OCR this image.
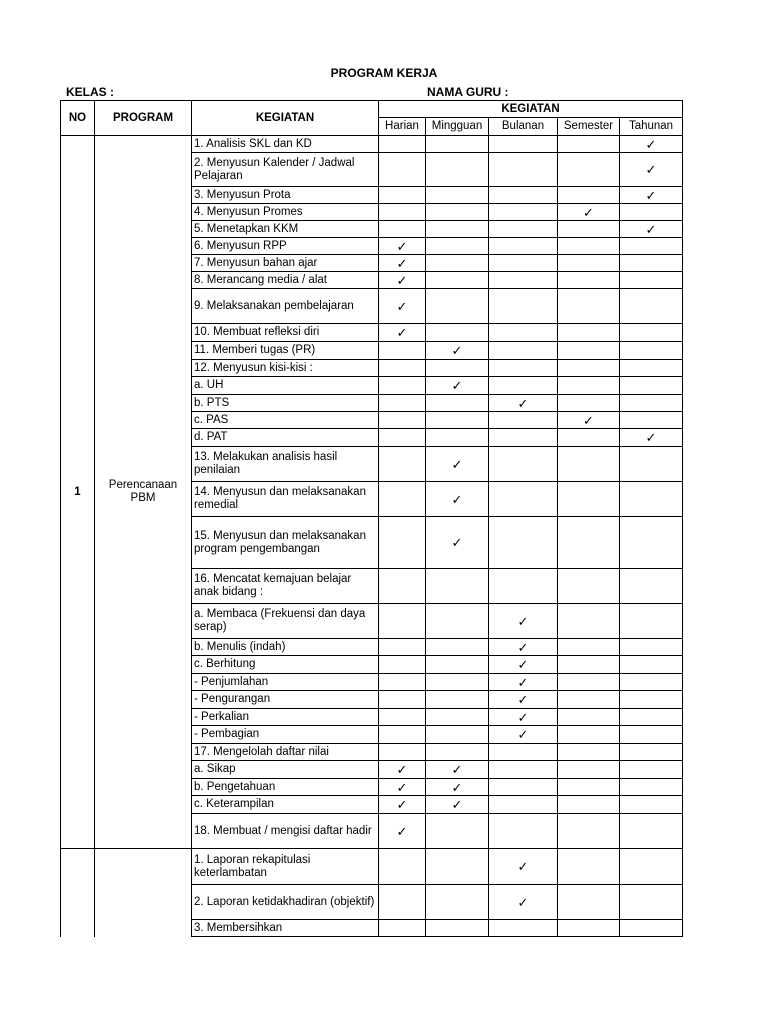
PROGRAM KERJA
KELAS :	NAMA GURU :
NO	PROGRAM	KEGIATAN	KEGIATAN				
			Harian	Mingguan	Bulanan	Semester	Tahunan
1	Perencanaan PBM	1. Analisis SKL dan KD					✓
		2. Menyusun Kalender / Jadwal Pelajaran					✓
		3. Menyusun Prota					✓
		4. Menyusun Promes				✓	
		5. Menetapkan KKM					✓
		6. Menyusun RPP	✓				
		7. Menyusun bahan ajar	✓				
		8. Merancang media / alat	✓				
		9. Melaksanakan pembelajaran	✓				
		10. Membuat refleksi diri	✓				
		11. Memberi tugas (PR)		✓			
		12. Menyusun kisi-kisi :					
		a. UH		✓			
		b. PTS			✓		
		c. PAS				✓	
		d. PAT					✓
		13. Melakukan analisis hasil penilaian		✓			
		14. Menyusun dan melaksanakan remedial		✓			
		15. Menyusun dan melaksanakan program pengembangan		✓			
		16. Mencatat kemajuan belajar anak bidang :					
		a. Membaca (Frekuensi dan daya serap)			✓		
		b. Menulis (indah)			✓		
		c. Berhitung			✓		
		- Penjumlahan			✓		
		- Pengurangan			✓		
		- Perkalian			✓		
		- Pembagian			✓		
		17. Mengelolah daftar nilai					
		a. Sikap	✓	✓			
		b. Pengetahuan	✓	✓			
		c. Keterampilan	✓	✓			
		18. Membuat / mengisi daftar hadir	✓				
		1. Laporan rekapitulasi keterlambatan			✓		
		2. Laporan ketidakhadiran (objektif)			✓		
		3. Membersihkan					
